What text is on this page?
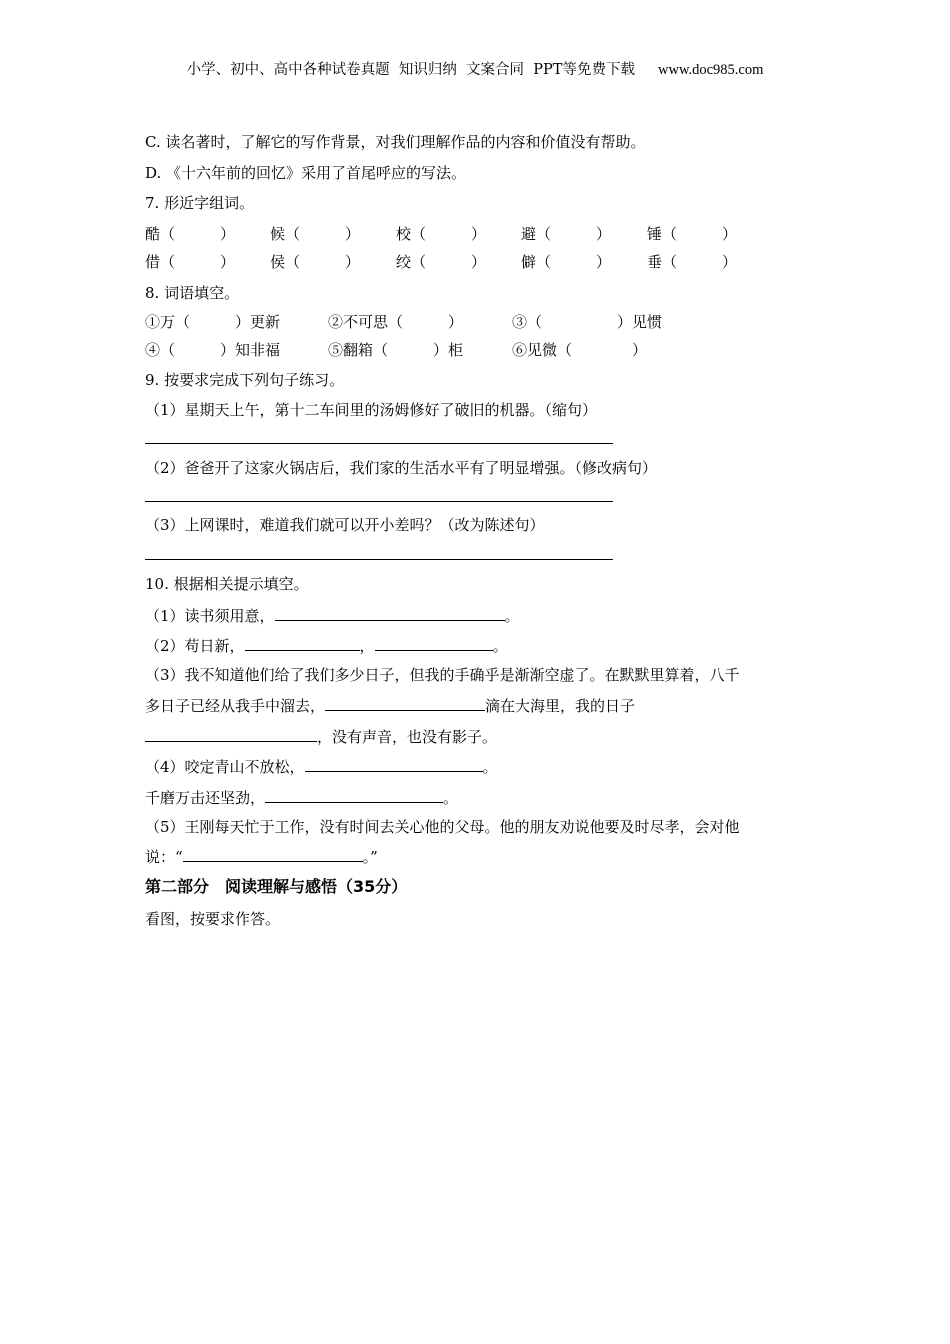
小学、初中、高中各种试卷真题  知识归纳  文案合同  PPT等免费下载 www.doc985.com
C. 读名著时，了解它的写作背景，对我们理解作品的内容和价值没有帮助。
D. 《十六年前的回忆》采用了首尾呼应的写法。
7. 形近字组词。
酷（　　　） 候（　　　） 校（　　　） 避（　　　） 锤（　　　）
借（　　　） 侯（　　　） 绞（　　　） 僻（　　　） 垂（　　　）
8. 词语填空。
①万（　　　）更新	②不可思（　　　）	③（　　　　　）见惯
④（　　　）知非福	⑤翻箱（　　　）柜	⑥见微（　　　　）
9. 按要求完成下列句子练习。
（1）星期天上午，第十二车间里的汤姆修好了破旧的机器。（缩句）
（2）爸爸开了这家火锅店后，我们家的生活水平有了明显增强。（修改病句）
（3）上网课时，难道我们就可以开小差吗？（改为陈述句）
10. 根据相关提示填空。
（1）读书须用意，	。
（2）苟日新，	，	。
（3）我不知道他们给了我们多少日子，但我的手确乎是渐渐空虚了。在默默里算着，八千
多日子已经从我手中溜去，	滴在大海里，我的日子
，没有声音，也没有影子。
（4）咬定青山不放松，	。
千磨万击还坚劲，	。
（5）王刚每天忙于工作，没有时间去关心他的父母。他的朋友劝说他要及时尽孝，会对他
说：“	。”
第二部分　阅读理解与感悟（35分）
看图，按要求作答。
